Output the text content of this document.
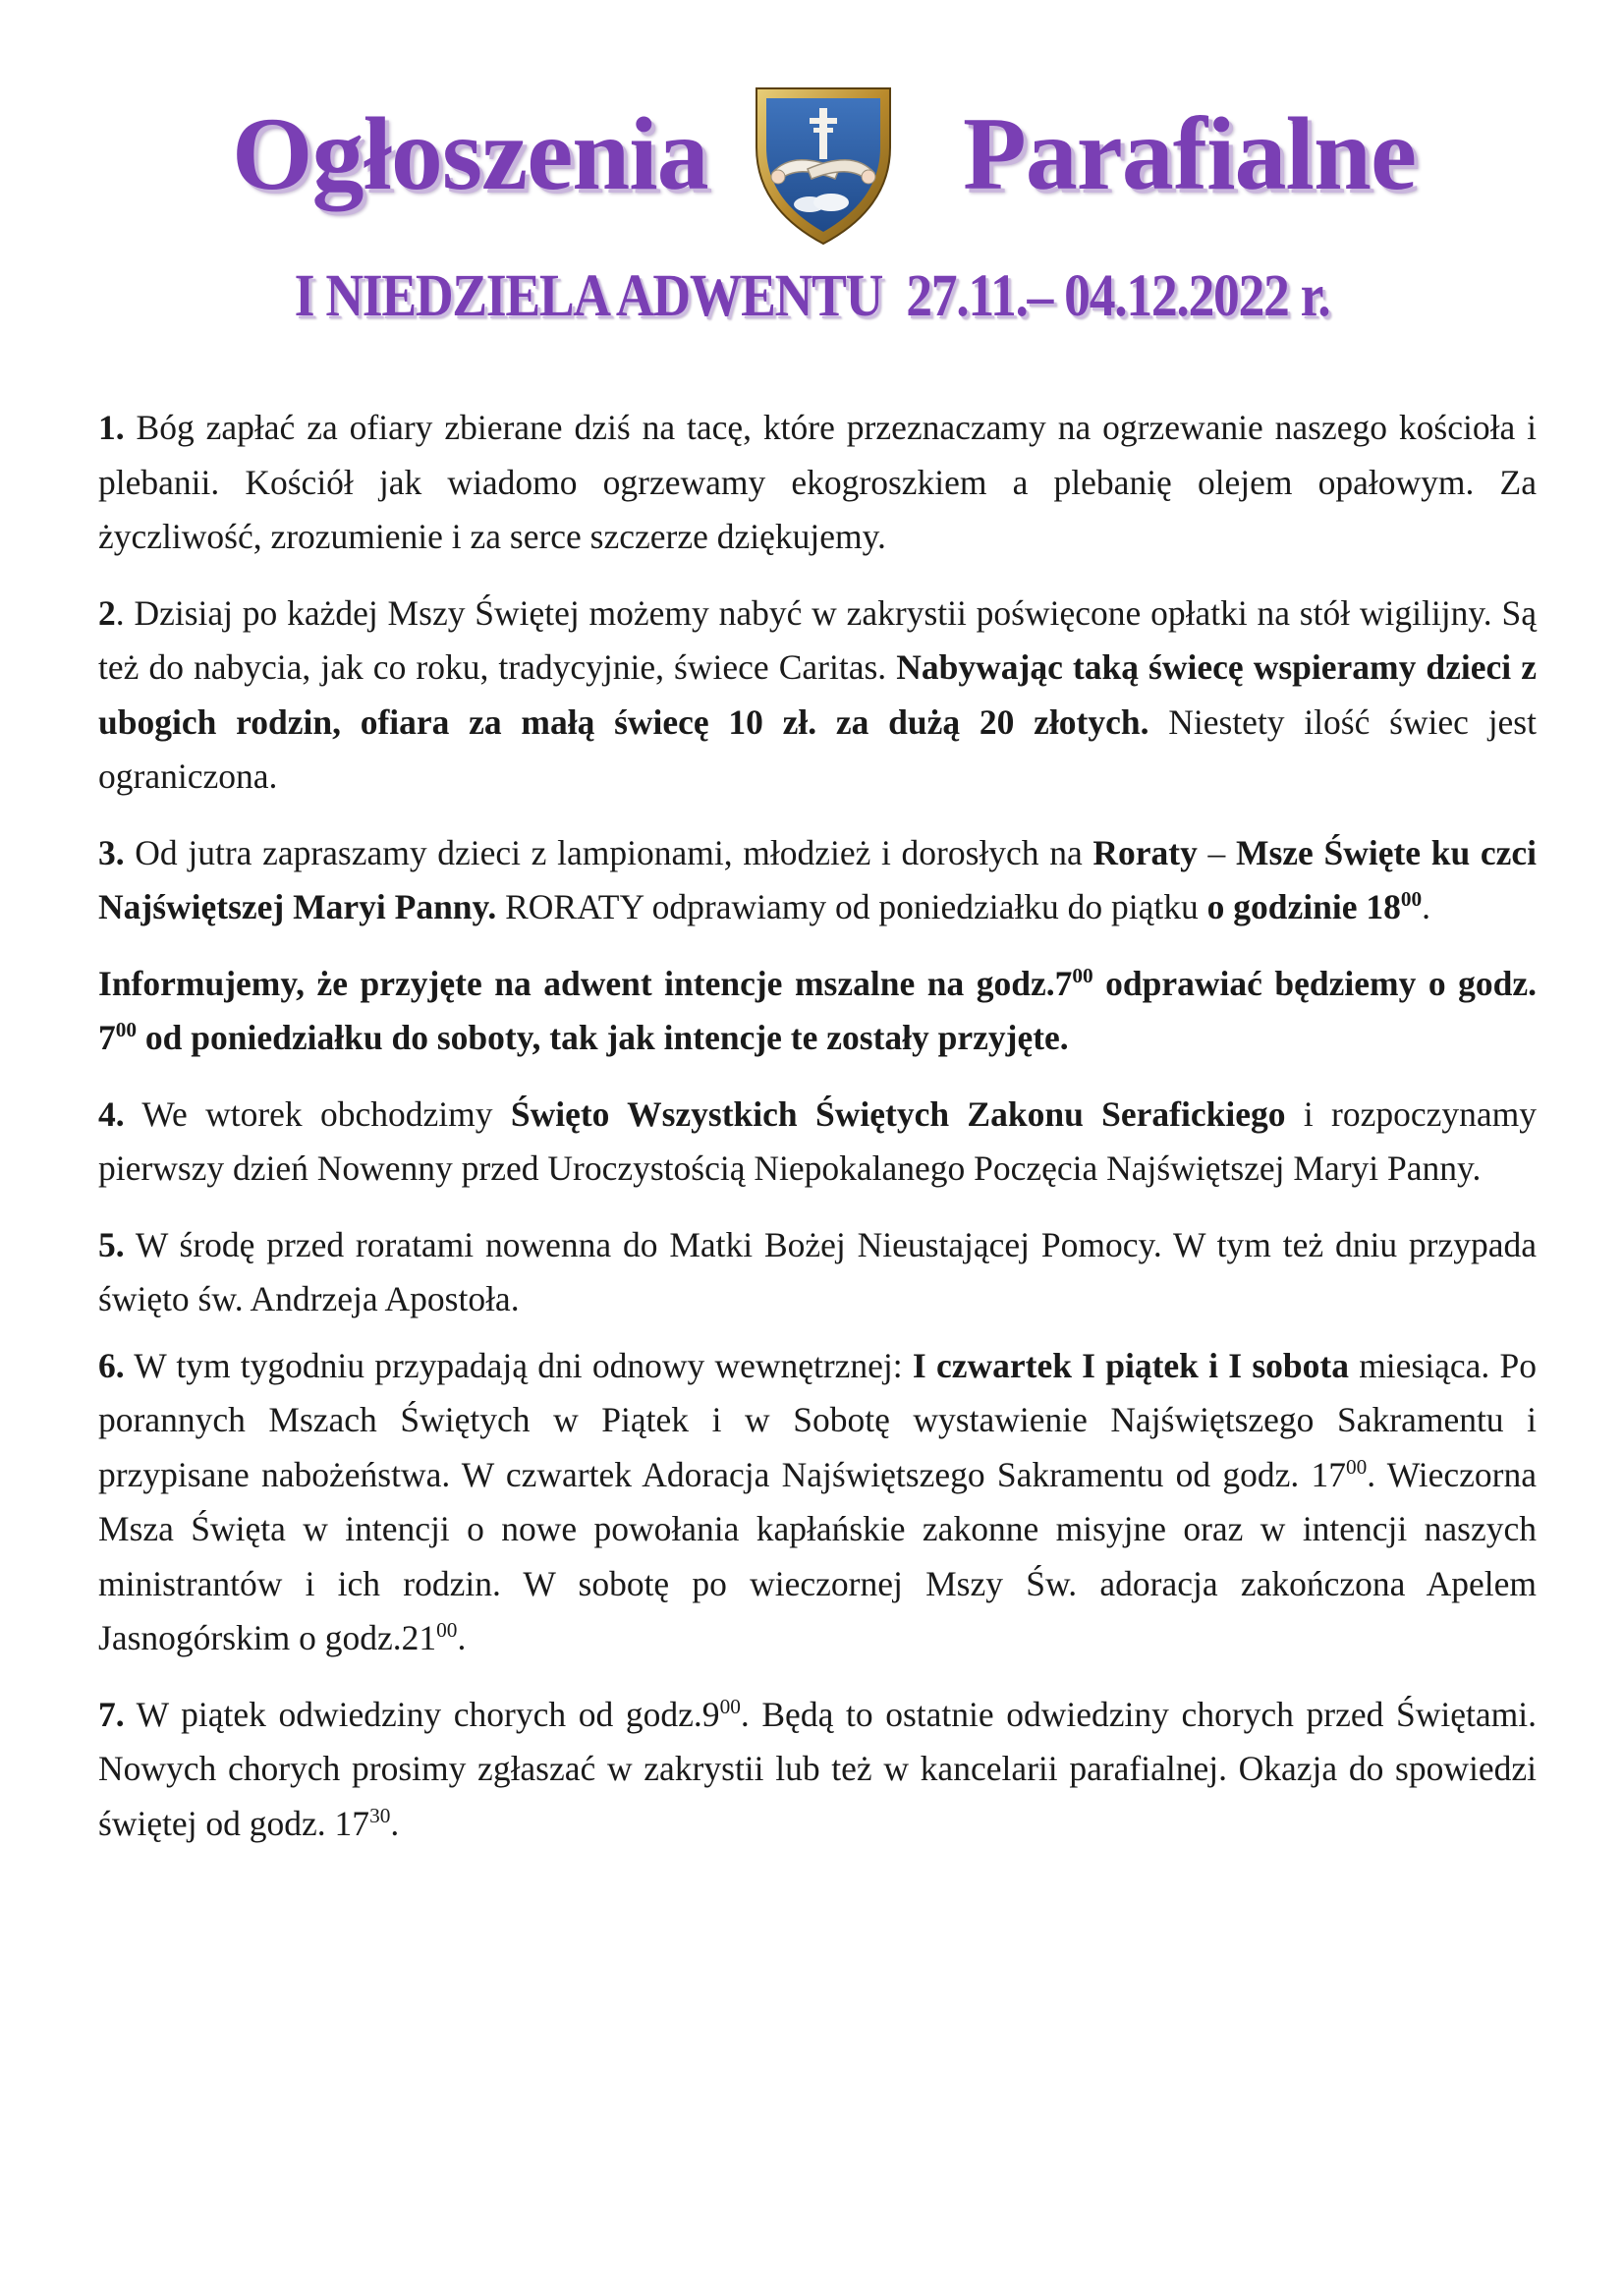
Ogłoszenia Parafialne
I NIEDZIELA ADWENTU  27.11.– 04.12.2022 r.

1. Bóg zapłać za ofiary zbierane dziś na tacę, które przeznaczamy na ogrzewanie naszego kościoła i plebanii. Kościół jak wiadomo ogrzewamy ekogroszkiem a plebanię olejem opałowym. Za życzliwość, zrozumienie i za serce szczerze dziękujemy.

2. Dzisiaj po każdej Mszy Świętej możemy nabyć w zakrystii poświęcone opłatki na stół wigilijny. Są też do nabycia, jak co roku, tradycyjnie, świece Caritas. Nabywając taką świecę wspieramy dzieci z ubogich rodzin, ofiara za małą świecę 10 zł. za dużą 20 złotych. Niestety ilość świec jest ograniczona.

3. Od jutra zapraszamy dzieci z lampionami, młodzież i dorosłych na Roraty – Msze Święte ku czci Najświętszej Maryi Panny. RORATY odprawiamy od poniedziałku do piątku o godzinie $18^{00}$.

Informujemy, że przyjęte na adwent intencje mszalne na $godz.7^{00}$ odprawiać będziemy o godz. $7^{00}$ od poniedziałku do soboty, tak jak intencje te zostały przyjęte.

4. We wtorek obchodzimy Święto Wszystkich Świętych Zakonu Serafickiego i rozpoczynamy pierwszy dzień Nowenny przed Uroczystością Niepokalanego Poczęcia Najświętszej Maryi Panny.

5. W środę przed roratami nowenna do Matki Bożej Nieustającej Pomocy. W tym też dniu przypada święto św. Andrzeja Apostoła.

6. W tym tygodniu przypadają dni odnowy wewnętrznej: I czwartek I piątek i I sobota miesiąca. Po porannych Mszach Świętych w Piątek i w Sobotę wystawienie Najświętszego Sakramentu i przypisane nabożeństwa. W czwartek Adoracja Najświętszego Sakramentu od godz. $17^{00}$. Wieczorna Msza Święta w intencji o nowe powołania kapłańskie zakonne misyjne oraz w intencji naszych ministrantów i ich rodzin. W sobotę po wieczornej Mszy Św. adoracja zakończona Apelem Jasnogórskim o $godz.21^{00}$.

7. W piątek odwiedziny chorych od $godz.9^{00}$. Będą to ostatnie odwiedziny chorych przed Świętami. Nowych chorych prosimy zgłaszać w zakrystii lub też w kancelarii parafialnej. Okazja do spowiedzi świętej od godz. $17^{30}$.
